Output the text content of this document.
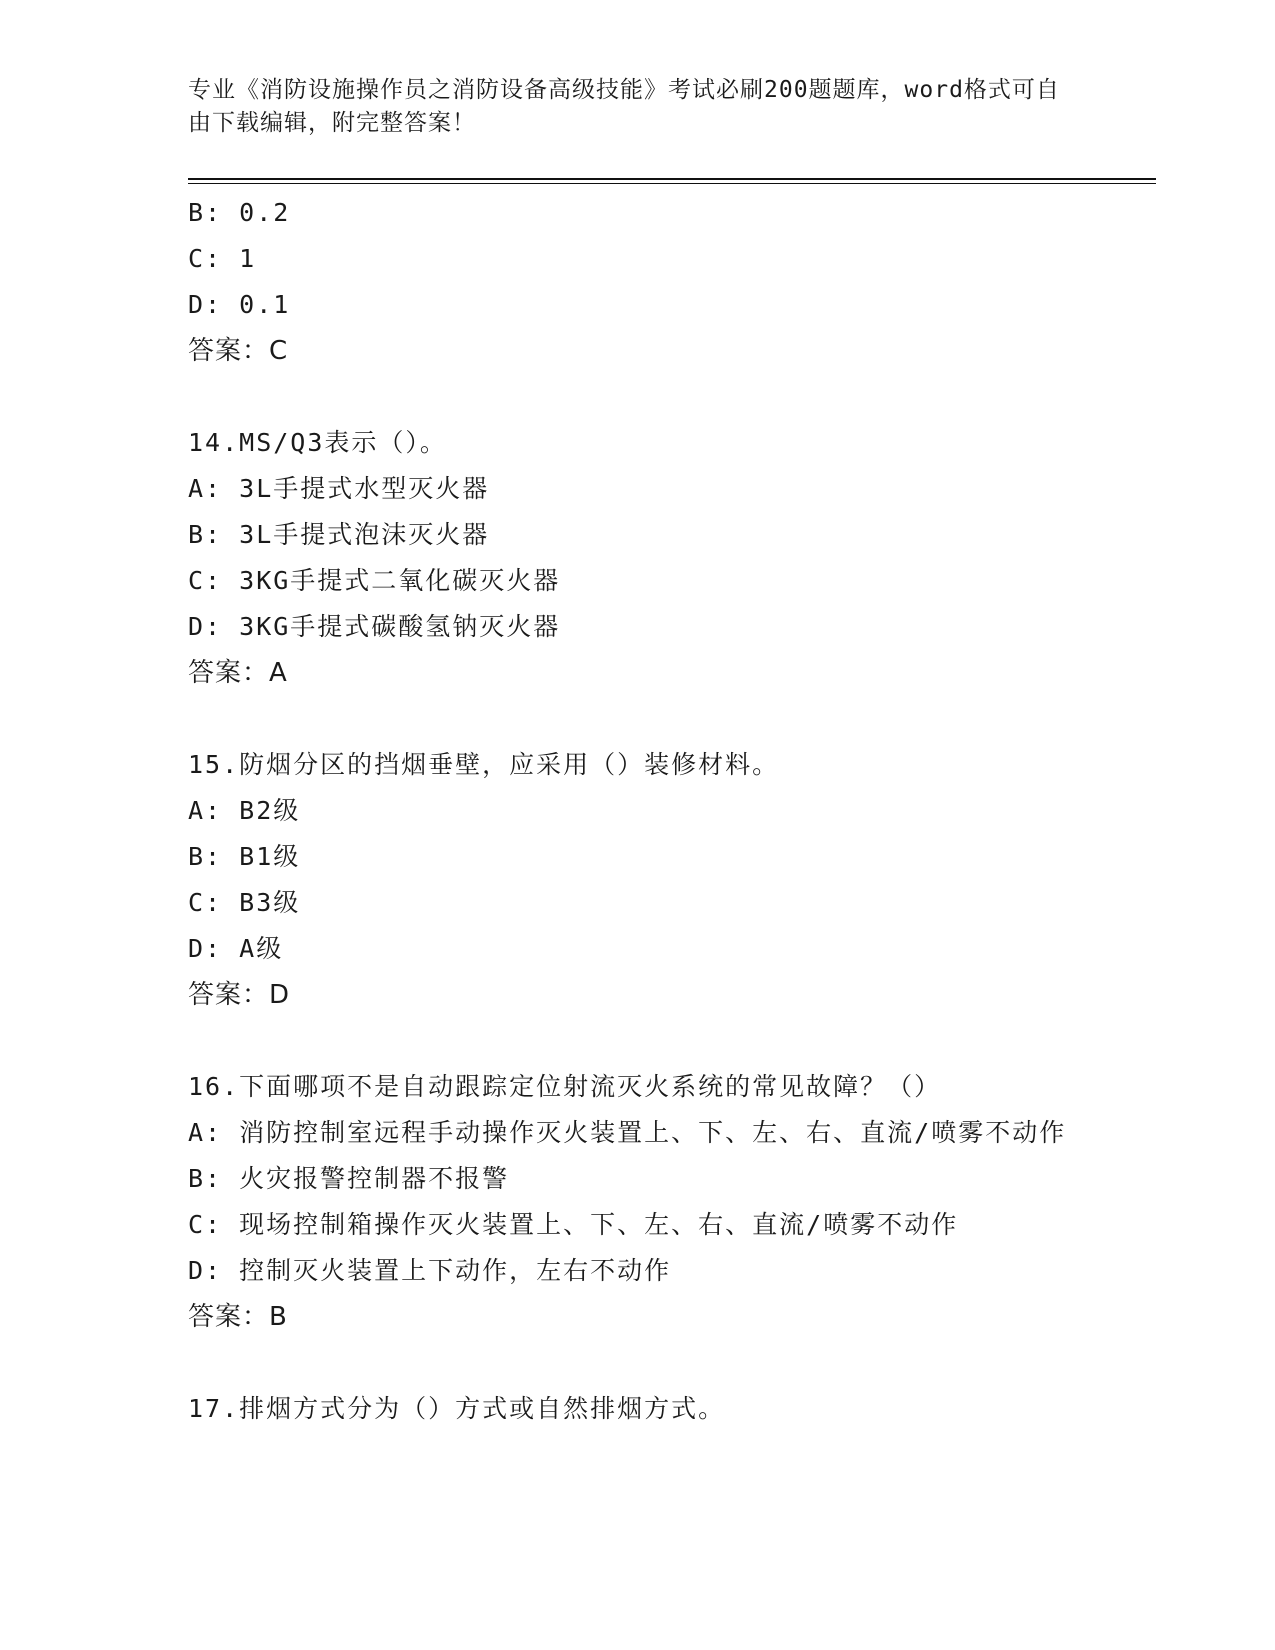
专业《消防设施操作员之消防设备高级技能》考试必刷200题题库，word格式可自由下载编辑，附完整答案！
B: 0.2
C: 1
D: 0.1
答案：C
14.MS/Q3表示（）。
A: 3L手提式水型灭火器
B: 3L手提式泡沫灭火器
C: 3KG手提式二氧化碳灭火器
D: 3KG手提式碳酸氢钠灭火器
答案：A
15.防烟分区的挡烟垂壁，应采用（）装修材料。
A: B2级
B: B1级
C: B3级
D: A级
答案：D
16.下面哪项不是自动跟踪定位射流灭火系统的常见故障？（）
A: 消防控制室远程手动操作灭火装置上、下、左、右、直流/喷雾不动作
B: 火灾报警控制器不报警
C: 现场控制箱操作灭火装置上、下、左、右、直流/喷雾不动作
D: 控制灭火装置上下动作，左右不动作
答案：B
17.排烟方式分为（）方式或自然排烟方式。
